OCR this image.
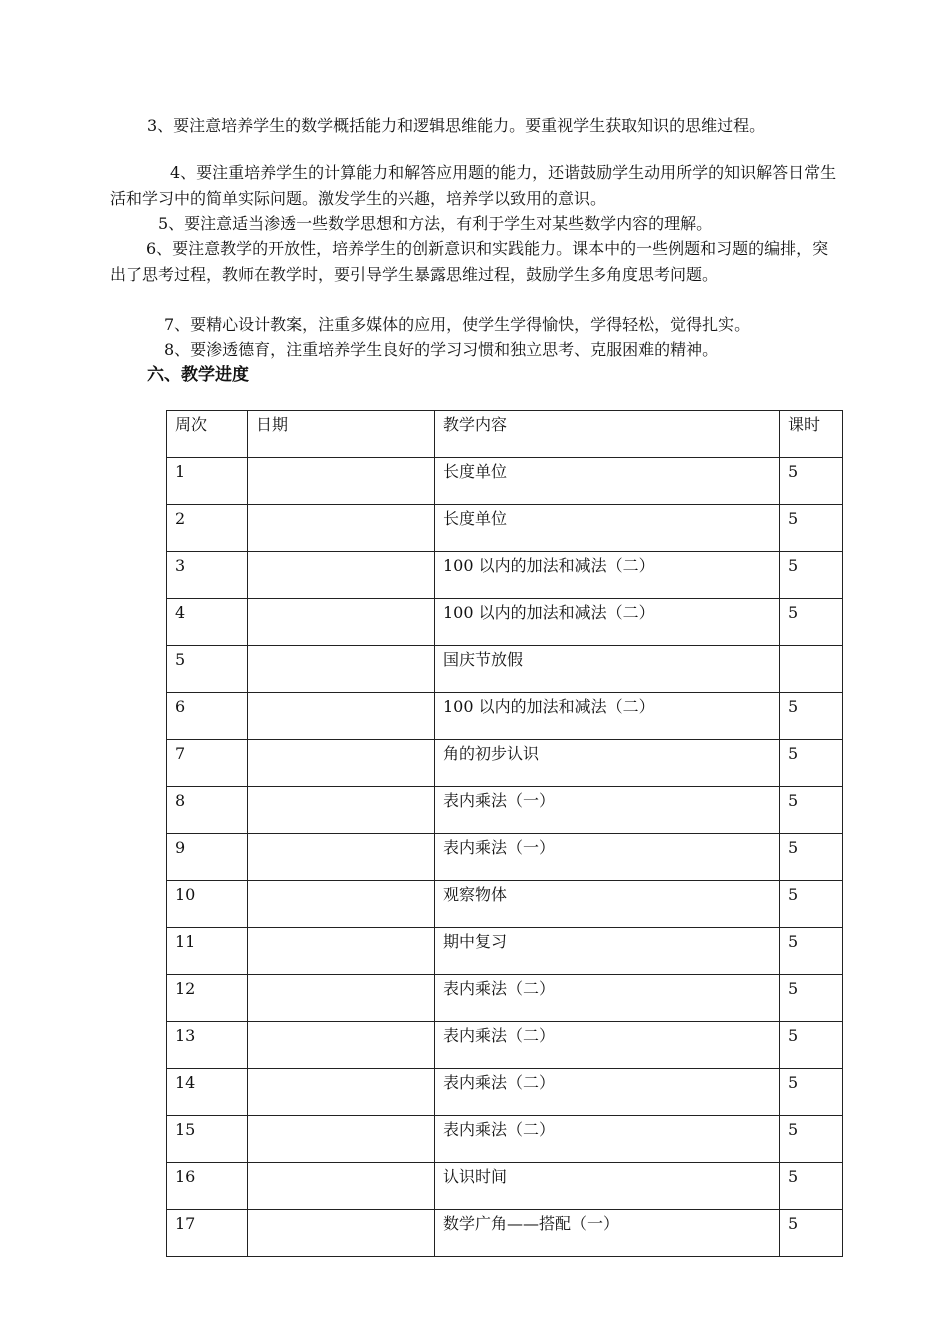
3、要注意培养学生的数学概括能力和逻辑思维能力。要重视学生获取知识的思维过程。

4、要注重培养学生的计算能力和解答应用题的能力，还谐鼓励学生动用所学的知识解答日常生活和学习中的简单实际问题。激发学生的兴趣，培养学以致用的意识。

5、要注意适当渗透一些数学思想和方法，有利于学生对某些数学内容的理解。

6、要注意教学的开放性，培养学生的创新意识和实践能力。课本中的一些例题和习题的编排，突出了思考过程，教师在教学时，要引导学生暴露思维过程，鼓励学生多角度思考问题。

7、要精心设计教案，注重多媒体的应用，使学生学得愉快，学得轻松，觉得扎实。

8、要渗透德育，注重培养学生良好的学习习惯和独立思考、克服困难的精神。

六、教学进度
周次	日期	教学内容	课时
1		长度单位	5
2		长度单位	5
3		100 以内的加法和减法（二）	5
4		100 以内的加法和减法（二）	5
5		国庆节放假	
6		100 以内的加法和减法（二）	5
7		角的初步认识	5
8		表内乘法（一）	5
9		表内乘法（一）	5
10		观察物体	5
11		期中复习	5
12		表内乘法（二）	5
13		表内乘法（二）	5
14		表内乘法（二）	5
15		表内乘法（二）	5
16		认识时间	5
17		数学广角——搭配（一）	5
